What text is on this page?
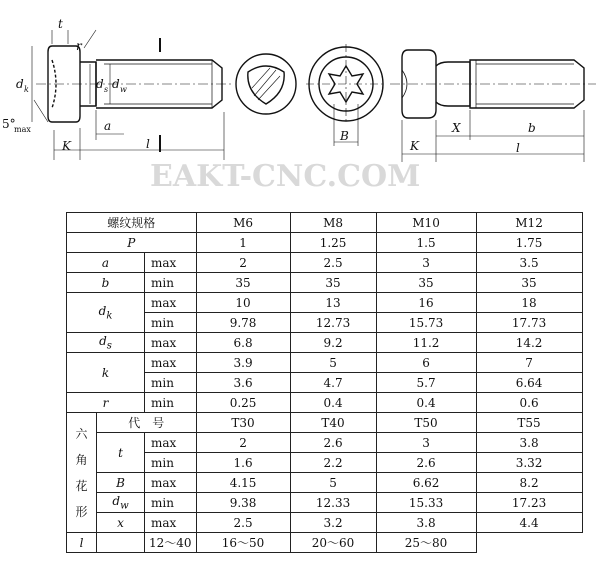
t
r
d k	d s d w
5°
max	a
K	l
B
X	b
K	l
EAKT-CNC.COM
螺纹规格			M6	M8	M10	M12
P			1	1.25	1.5	1.75
a		max	2	2.5	3	3.5
b		min	35	35	35	35
$d_k$		max	10	13	16	18
		min	9.78	12.73	15.73	17.73
$d_s$		max	6.8	9.2	11.2	14.2
k		max	3.9	5	6	7
		min	3.6	4.7	5.7	6.64
r		min	0.25	0.4	0.4	0.6
六角花形	代　号		T30	T40	T50	T55
	t	max	2	2.6	3	3.8
		min	1.6	2.2	2.6	3.32
	B	max	4.15	5	6.62	8.2
	$d_w$	min	9.38	12.33	15.33	17.23
	x	max	2.5	3.2	3.8	4.4
l		12～40	16～50	20～60	25～80	
